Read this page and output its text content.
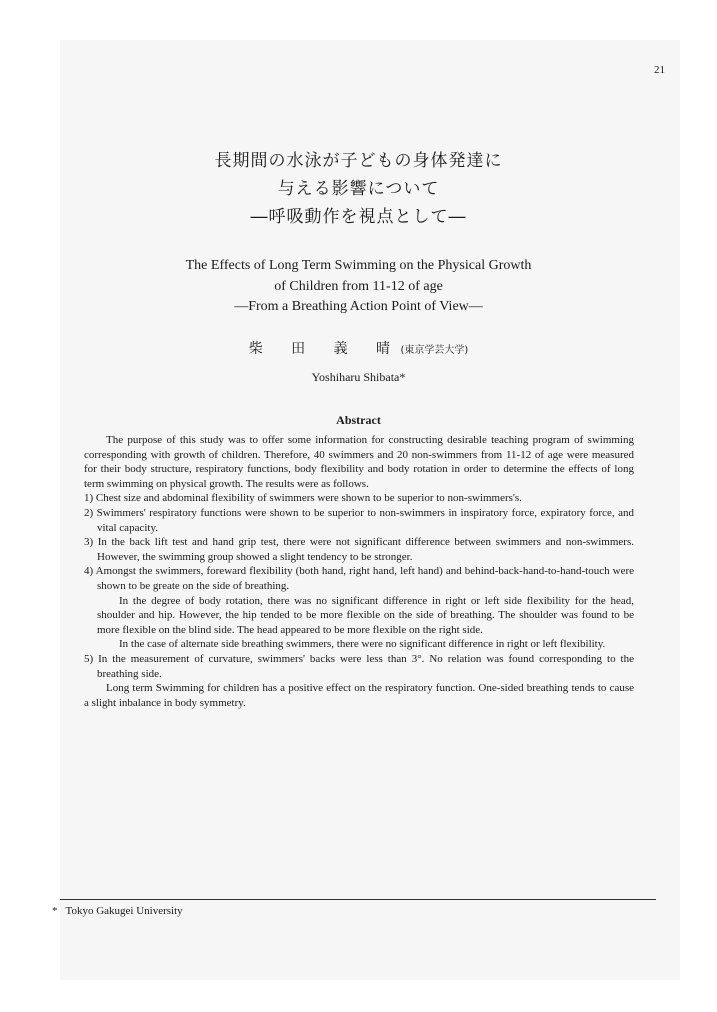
21
長期間の水泳が子どもの身体発達に
与える影響について
―呼吸動作を視点として―
The Effects of Long Term Swimming on the Physical Growth
of Children from 11-12 of age
—From a Breathing Action Point of View—
柴 田 義 晴 (東京学芸大学)
Yoshiharu Shibata*
Abstract

The purpose of this study was to offer some information for constructing desirable teaching program of swimming corresponding with growth of children. Therefore, 40 swimmers and 20 non-swimmers from 11-12 of age were measured for their body structure, respiratory functions, body flexibility and body rotation in order to determine the effects of long term swimming on physical growth. The results were as follows.

1) Chest size and abdominal flexibility of swimmers were shown to be superior to non-swimmers's.

2) Swimmers' respiratory functions were shown to be superior to non-swimmers in inspiratory force, expiratory force, and vital capacity.

3) In the back lift test and hand grip test, there were not significant difference between swimmers and non-swimmers. However, the swimming group showed a slight tendency to be stronger.

4) Amongst the swimmers, foreward flexibility (both hand, right hand, left hand) and behind-back-hand-to-hand-touch were shown to be greate on the side of breathing.

In the degree of body rotation, there was no significant difference in right or left side flexibility for the head, shoulder and hip. However, the hip tended to be more flexible on the side of breathing. The shoulder was found to be more flexible on the blind side. The head appeared to be more flexible on the right side.

In the case of alternate side breathing swimmers, there were no significant difference in right or left flexibility.

5) In the measurement of curvature, swimmers' backs were less than 3°. No relation was found corresponding to the breathing side.

Long term Swimming for children has a positive effect on the respiratory function. One-sided breathing tends to cause a slight inbalance in body symmetry.

* Tokyo Gakugei University
